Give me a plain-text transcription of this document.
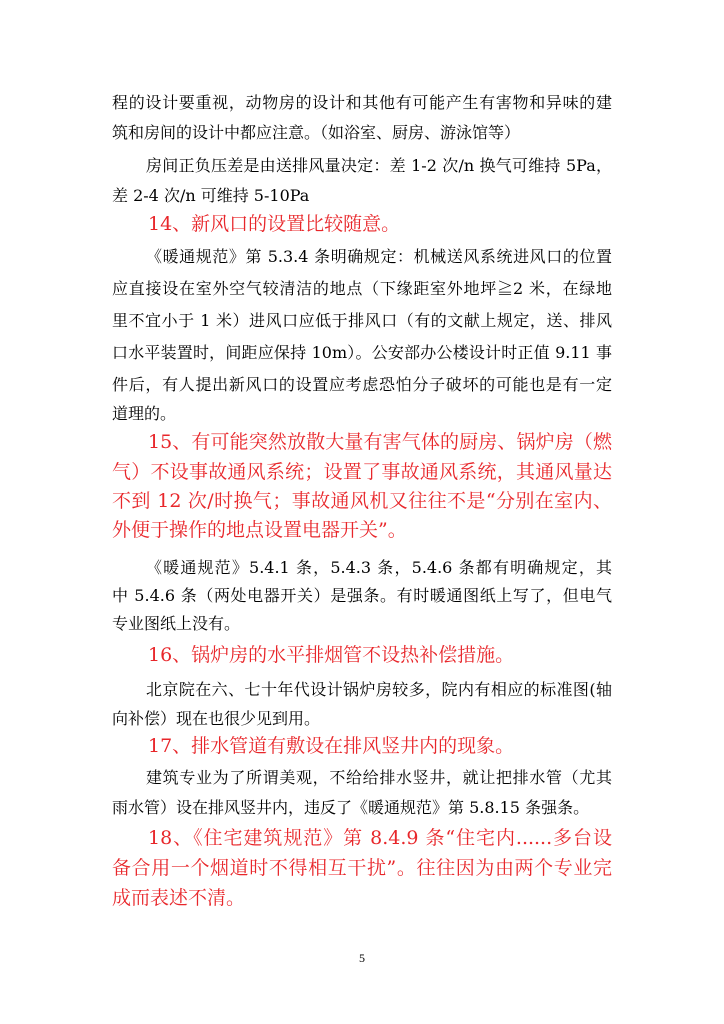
程的设计要重视，动物房的设计和其他有可能产生有害物和异味的建
筑和房间的设计中都应注意。（如浴室、厨房、游泳馆等）
房间正负压差是由送排风量决定：差 1-2 次/n 换气可维持 5Pa，
差 2-4 次/n 可维持 5-10Pa
14、新风口的设置比较随意。
《暖通规范》第 5.3.4 条明确规定：机械送风系统进风口的位置
应直接设在室外空气较清洁的地点（下缘距室外地坪≧2 米，在绿地
里不宜小于 1 米）进风口应低于排风口（有的文献上规定，送、排风
口水平装置时，间距应保持 10m）。公安部办公楼设计时正值 9.11 事
件后，有人提出新风口的设置应考虑恐怕分子破坏的可能也是有一定
道理的。
15、有可能突然放散大量有害气体的厨房、锅炉房（燃
气）不设事故通风系统；设置了事故通风系统，其通风量达
不到 12 次/时换气；事故通风机又往往不是“分别在室内、
外便于操作的地点设置电器开关”。
《暖通规范》5.4.1 条，5.4.3 条，5.4.6 条都有明确规定，其
中 5.4.6 条（两处电器开关）是强条。有时暖通图纸上写了，但电气
专业图纸上没有。
16、锅炉房的水平排烟管不设热补偿措施。
北京院在六、七十年代设计锅炉房较多，院内有相应的标准图(轴
向补偿）现在也很少见到用。
17、排水管道有敷设在排风竖井内的现象。
建筑专业为了所谓美观，不给给排水竖井，就让把排水管（尤其
雨水管）设在排风竖井内，违反了《暖通规范》第 5.8.15 条强条。
18、《住宅建筑规范》第 8.4.9 条“住宅内......多台设
备合用一个烟道时不得相互干扰”。往往因为由两个专业完
成而表述不清。
5
